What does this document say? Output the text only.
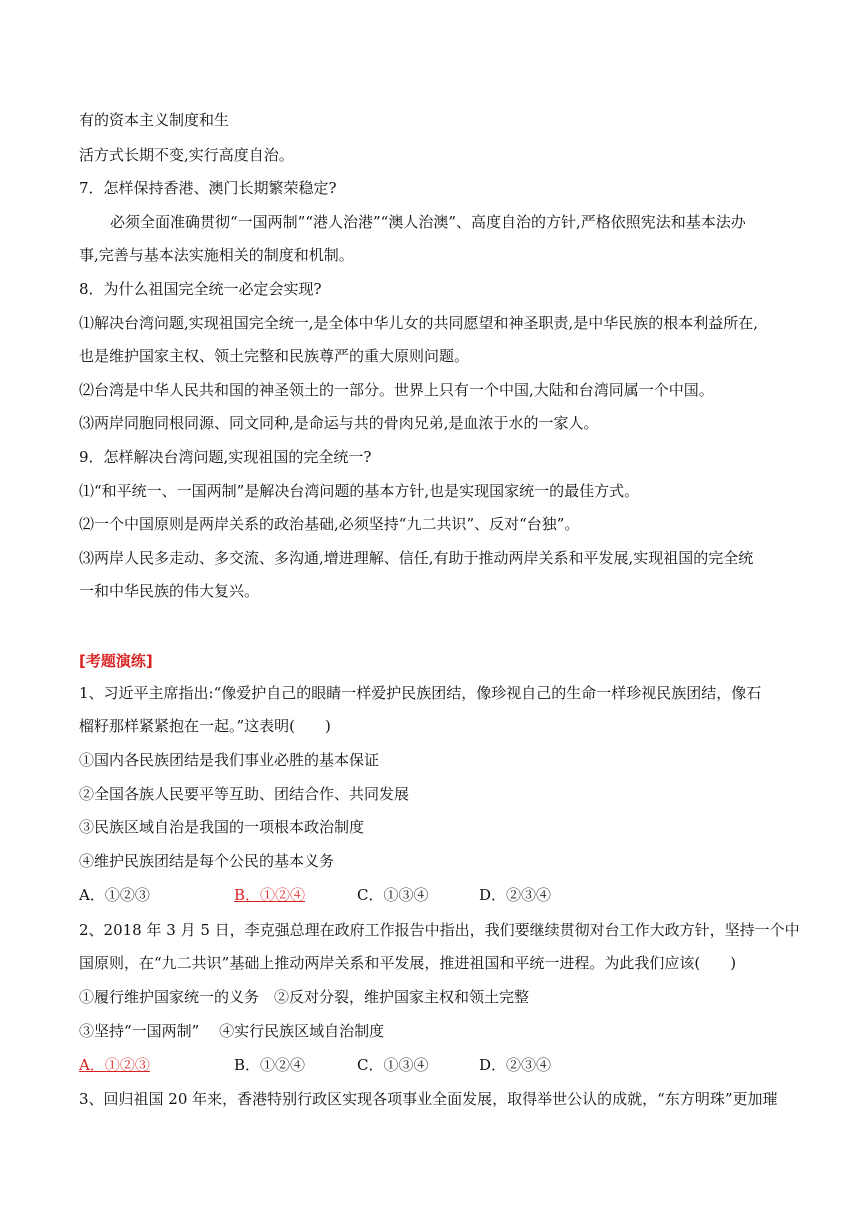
有的资本主义制度和生
活方式长期不变,实行高度自治。
7．怎样保持香港、澳门长期繁荣稳定?
必须全面准确贯彻“一国两制”“港人治港”“澳人治澳”、高度自治的方针,严格依照宪法和基本法办
事,完善与基本法实施相关的制度和机制。
8．为什么祖国完全统一必定会实现?
⑴解决台湾问题,实现祖国完全统一,是全体中华儿女的共同愿望和神圣职责,是中华民族的根本利益所在,
也是维护国家主权、领土完整和民族尊严的重大原则问题。
⑵台湾是中华人民共和国的神圣领土的一部分。世界上只有一个中国,大陆和台湾同属一个中国。
⑶两岸同胞同根同源、同文同种,是命运与共的骨肉兄弟,是血浓于水的一家人。
9．怎样解决台湾问题,实现祖国的完全统一?
⑴“和平统一、一国两制”是解决台湾问题的基本方针,也是实现国家统一的最佳方式。
⑵一个中国原则是两岸关系的政治基础,必须坚持“九二共识”、反对“台独”。
⑶两岸人民多走动、多交流、多沟通,增进理解、信任,有助于推动两岸关系和平发展,实现祖国的完全统
一和中华民族的伟大复兴。
[考题演练]
1、习近平主席指出:“像爱护自己的眼睛一样爱护民族团结，像珍视自己的生命一样珍视民族团结，像石
榴籽那样紧紧抱在一起。”这表明(　　)
①国内各民族团结是我们事业必胜的基本保证
②全国各族人民要平等互助、团结合作、共同发展
③民族区域自治是我国的一项根本政治制度
④维护民族团结是每个公民的基本义务
A．①②③	B．①②④	C．①③④	D．②③④
2、2018 年 3 月 5 日，李克强总理在政府工作报告中指出，我们要继续贯彻对台工作大政方针，坚持一个中
国原则，在“九二共识”基础上推动两岸关系和平发展，推进祖国和平统一进程。为此我们应该(　　)
①履行维护国家统一的义务　②反对分裂，维护国家主权和领土完整
③坚持“一国两制”　 ④实行民族区域自治制度
A．①②③	B．①②④	C．①③④	D．②③④
3、回归祖国 20 年来，香港特别行政区实现各项事业全面发展，取得举世公认的成就，“东方明珠”更加璀
